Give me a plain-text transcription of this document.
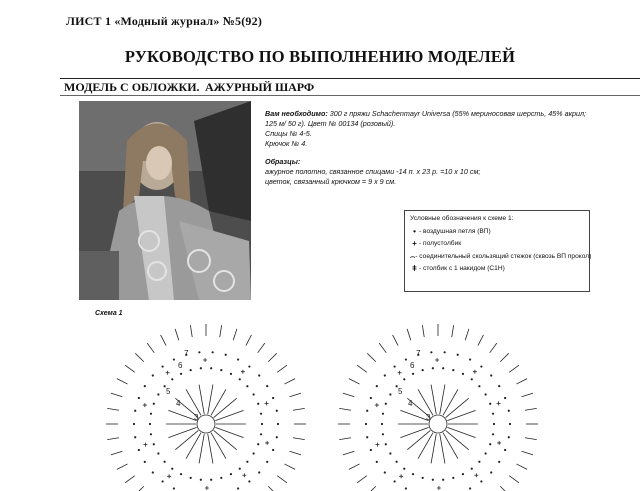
ЛИСТ 1 «Модный журнал» №5(92)
РУКОВОДСТВО ПО ВЫПОЛНЕНИЮ МОДЕЛЕЙ
МОДЕЛЬ С ОБЛОЖКИ. АЖУРНЫЙ ШАРФ

Вам необходимо: 300 г пряжи Schachenmayr Universa (55% мериносовая шерсть, 45% акрил; 125 м/ 50 г). Цвет № 00134 (розовый).

Спицы № 4-5.

Крючок № 4.

Образцы:

ажурное полотно, связанное спицами -14 п. х 23 р. =10 х 10 см;

цветок, связанный крючком = 9 х 9 см.

Условные обозначения к схеме 1:
• - воздушная петля (ВП)
+ - полустолбик
⌢ - соединительный скользящий стежок (сквозь ВП прокол)
ǂ - столбик с 1 накидом (С1Н)
Схема 1
7
6
5
4
3
7
6
5
4
3
